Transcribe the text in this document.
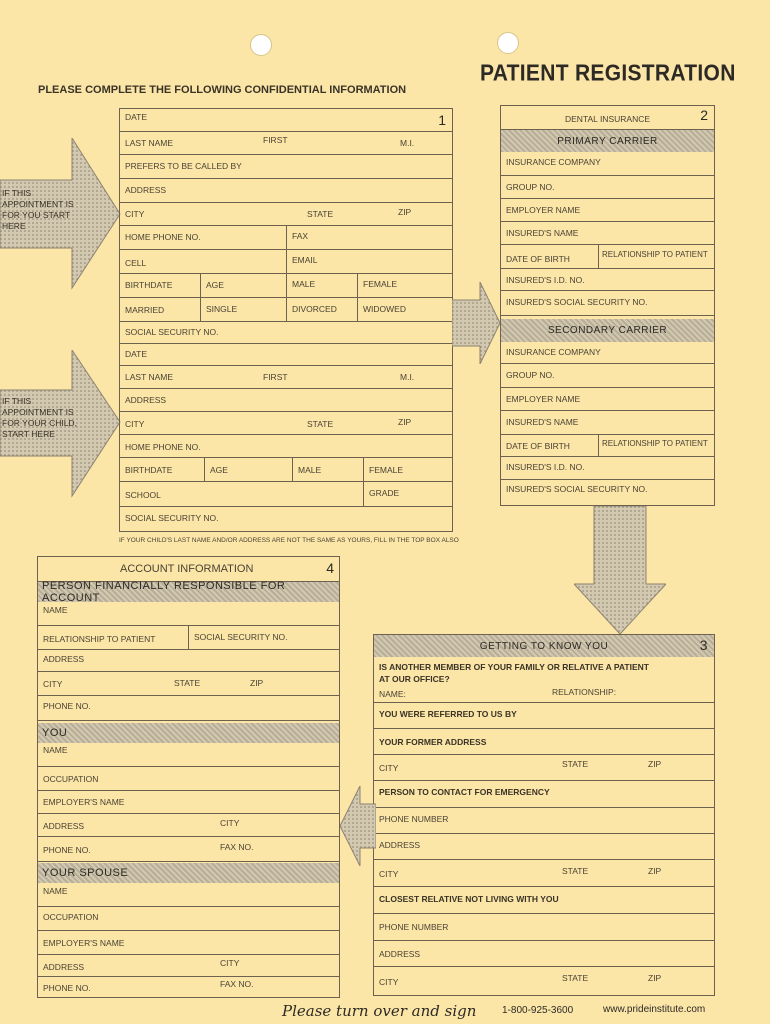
PATIENT REGISTRATION
PLEASE COMPLETE THE FOLLOWING CONFIDENTIAL INFORMATION
IF THIS APPOINTMENT IS FOR YOU START HERE
IF THIS APPOINTMENT IS FOR YOUR CHILD, START HERE
DATE	1
LAST NAME	FIRST	M.I.
PREFERS TO BE CALLED BY
ADDRESS
CITY	STATE	ZIP
HOME PHONE NO.	FAX
CELL	EMAIL
BIRTHDATE	AGE	MALE	FEMALE
MARRIED	SINGLE	DIVORCED	WIDOWED
SOCIAL SECURITY NO.
DATE
LAST NAME	FIRST	M.I.
ADDRESS
CITY	STATE	ZIP
HOME PHONE NO.
BIRTHDATE	AGE	MALE	FEMALE
SCHOOL	GRADE
SOCIAL SECURITY NO.
IF YOUR CHILD'S LAST NAME AND/OR ADDRESS ARE NOT THE SAME AS YOURS, FILL IN THE TOP BOX ALSO
DENTAL INSURANCE	2
PRIMARY CARRIER
INSURANCE COMPANY
GROUP NO.
EMPLOYER NAME
INSURED'S NAME
DATE OF BIRTH	RELATIONSHIP TO PATIENT
INSURED'S I.D. NO.
INSURED'S SOCIAL SECURITY NO.
SECONDARY CARRIER
INSURANCE COMPANY
GROUP NO.
EMPLOYER NAME
INSURED'S NAME
DATE OF BIRTH	RELATIONSHIP TO PATIENT
INSURED'S I.D. NO.
INSURED'S SOCIAL SECURITY NO.
GETTING TO KNOW YOU	3
IS ANOTHER MEMBER OF YOUR FAMILY OR RELATIVE A PATIENT
AT OUR OFFICE?
NAME:	RELATIONSHIP:
YOU WERE REFERRED TO US BY
YOUR FORMER ADDRESS
CITY	STATE	ZIP
PERSON TO CONTACT FOR EMERGENCY
PHONE NUMBER
ADDRESS
CITY	STATE	ZIP
CLOSEST RELATIVE NOT LIVING WITH YOU
PHONE NUMBER
ADDRESS
CITY	STATE	ZIP
ACCOUNT INFORMATION	4
PERSON FINANCIALLY RESPONSIBLE FOR ACCOUNT
NAME
RELATIONSHIP TO PATIENT	SOCIAL SECURITY NO.
ADDRESS
CITY	STATE	ZIP
PHONE NO.
YOU
NAME
OCCUPATION
EMPLOYER'S NAME
ADDRESS	CITY
PHONE NO.	FAX NO.
YOUR SPOUSE
NAME
OCCUPATION
EMPLOYER'S NAME
ADDRESS	CITY
PHONE NO.	FAX NO.
Please turn over and sign	1-800-925-3600	www.prideinstitute.com
